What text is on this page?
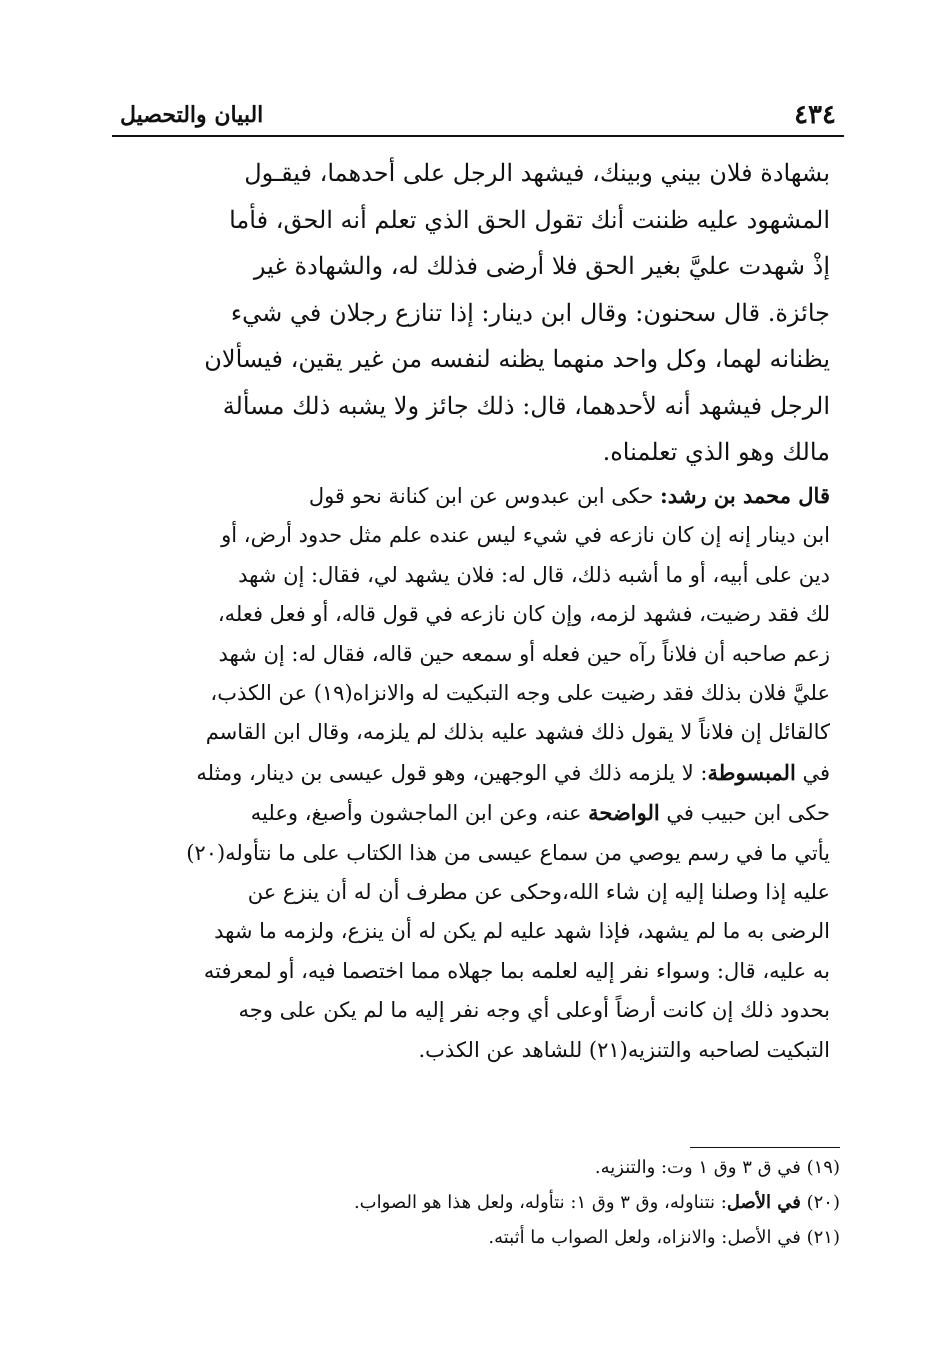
٤٣٤
البيان والتحصيل
بشهادة فلان بيني وبينك، فيشهد الرجل على أحدهما، فيقـول
المشهود عليه ظننت أنك تقول الحق الذي تعلم أنه الحق، فأما
إذْ شهدت عليَّ بغير الحق فلا أرضى فذلك له، والشهادة غير
جائزة. قال سحنون: وقال ابن دينار: إذا تنازع رجلان في شيء
يظنانه لهما، وكل واحد منهما يظنه لنفسه من غير يقين، فيسألان
الرجل فيشهد أنه لأحدهما، قال: ذلك جائز ولا يشبه ذلك مسألة
مالك وهو الذي تعلمناه.
قال محمد بن رشد: حكى ابن عبدوس عن ابن كنانة نحو قول
ابن دينار إنه إن كان نازعه في شيء ليس عنده علم مثل حدود أرض، أو
دين على أبيه، أو ما أشبه ذلك، قال له: فلان يشهد لي، فقال: إن شهد
لك فقد رضيت، فشهد لزمه، وإن كان نازعه في قول قاله، أو فعل فعله،
زعم صاحبه أن فلاناً رآه حين فعله أو سمعه حين قاله، فقال له: إن شهد
عليَّ فلان بذلك فقد رضيت على وجه التبكيت له والانزاه(١٩) عن الكذب،
كالقائل إن فلاناً لا يقول ذلك فشهد عليه بذلك لم يلزمه، وقال ابن القاسم
في المبسوطة: لا يلزمه ذلك في الوجهين، وهو قول عيسى بن دينار، ومثله
حكى ابن حبيب في الواضحة عنه، وعن ابن الماجشون وأصبغ، وعليه
يأتي ما في رسم يوصي من سماع عيسى من هذا الكتاب على ما نتأوله(٢٠)
عليه إذا وصلنا إليه إن شاء الله،وحكى عن مطرف أن له أن ينزع عن
الرضى به ما لم يشهد، فإذا شهد عليه لم يكن له أن ينزع، ولزمه ما شهد
به عليه، قال: وسواء نفر إليه لعلمه بما جهلاه مما اختصما فيه، أو لمعرفته
بحدود ذلك إن كانت أرضاً أوعلى أي وجه نفر إليه ما لم يكن على وجه
التبكيت لصاحبه والتنزيه(٢١) للشاهد عن الكذب.
(١٩) في ق ٣ وق ١ وت: والتنزيه.
(٢٠) في الأصل: نتناوله، وق ٣ وق ١: نتأوله، ولعل هذا هو الصواب.
(٢١) في الأصل: والانزاه، ولعل الصواب ما أثبته.
